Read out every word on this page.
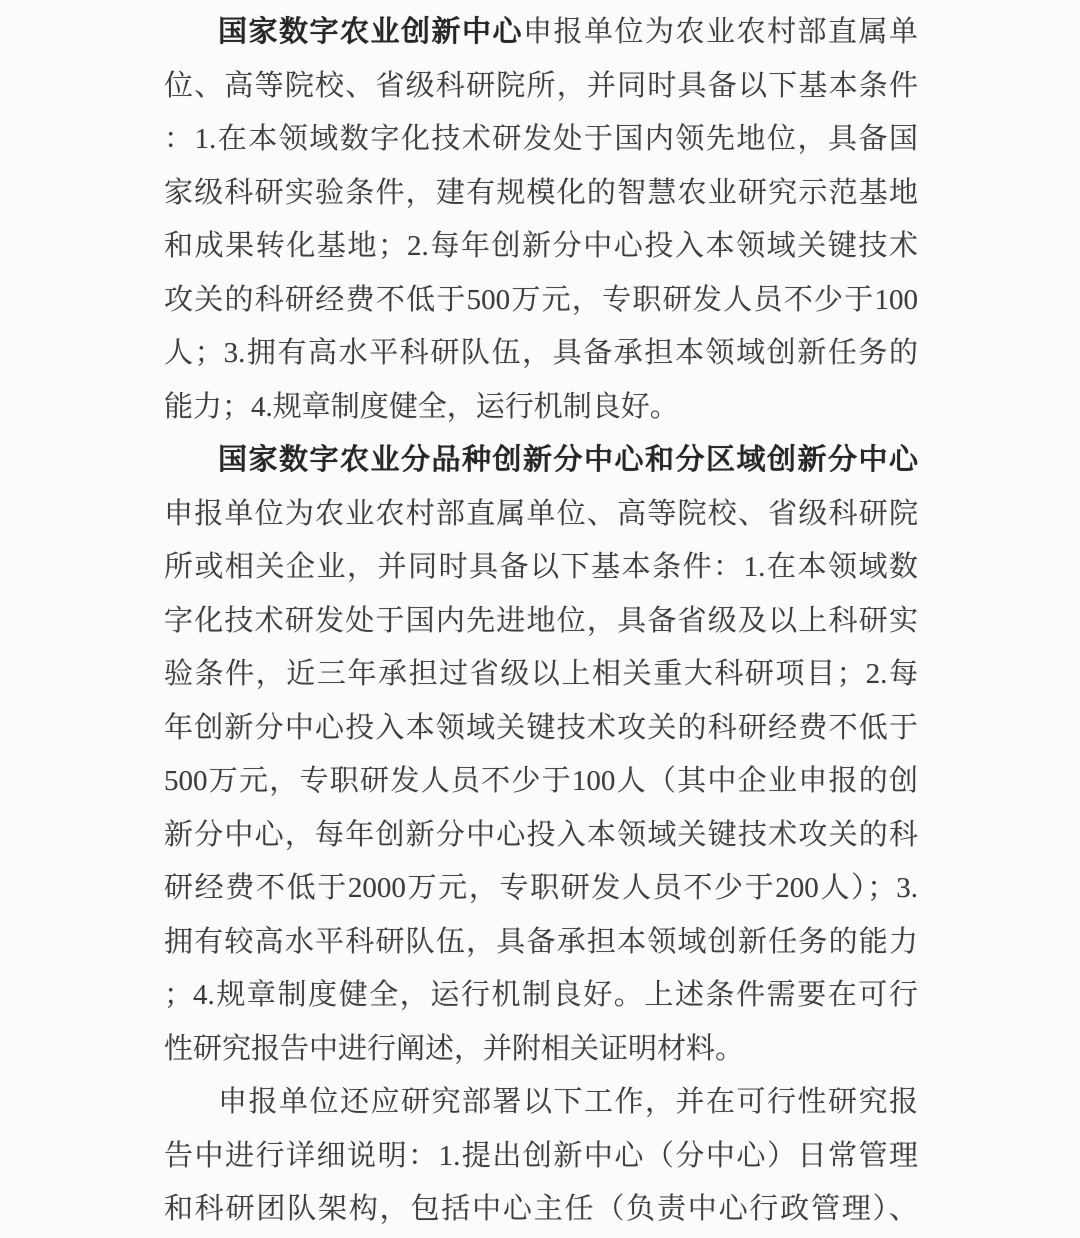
国家数字农业创新中心申报单位为农业农村部直属单
位、高等院校、省级科研院所，并同时具备以下基本条件
：1.在本领域数字化技术研发处于国内领先地位，具备国
家级科研实验条件，建有规模化的智慧农业研究示范基地
和成果转化基地；2.每年创新分中心投入本领域关键技术
攻关的科研经费不低于500万元，专职研发人员不少于100
人；3.拥有高水平科研队伍，具备承担本领域创新任务的
能力；4.规章制度健全，运行机制良好。
国家数字农业分品种创新分中心和分区域创新分中心
申报单位为农业农村部直属单位、高等院校、省级科研院
所或相关企业，并同时具备以下基本条件：1.在本领域数
字化技术研发处于国内先进地位，具备省级及以上科研实
验条件，近三年承担过省级以上相关重大科研项目；2.每
年创新分中心投入本领域关键技术攻关的科研经费不低于
500万元，专职研发人员不少于100人（其中企业申报的创
新分中心，每年创新分中心投入本领域关键技术攻关的科
研经费不低于2000万元，专职研发人员不少于200人）；3.
拥有较高水平科研队伍，具备承担本领域创新任务的能力
；4.规章制度健全，运行机制良好。上述条件需要在可行
性研究报告中进行阐述，并附相关证明材料。
申报单位还应研究部署以下工作，并在可行性研究报
告中进行详细说明：1.提出创新中心（分中心）日常管理
和科研团队架构，包括中心主任（负责中心行政管理）、
